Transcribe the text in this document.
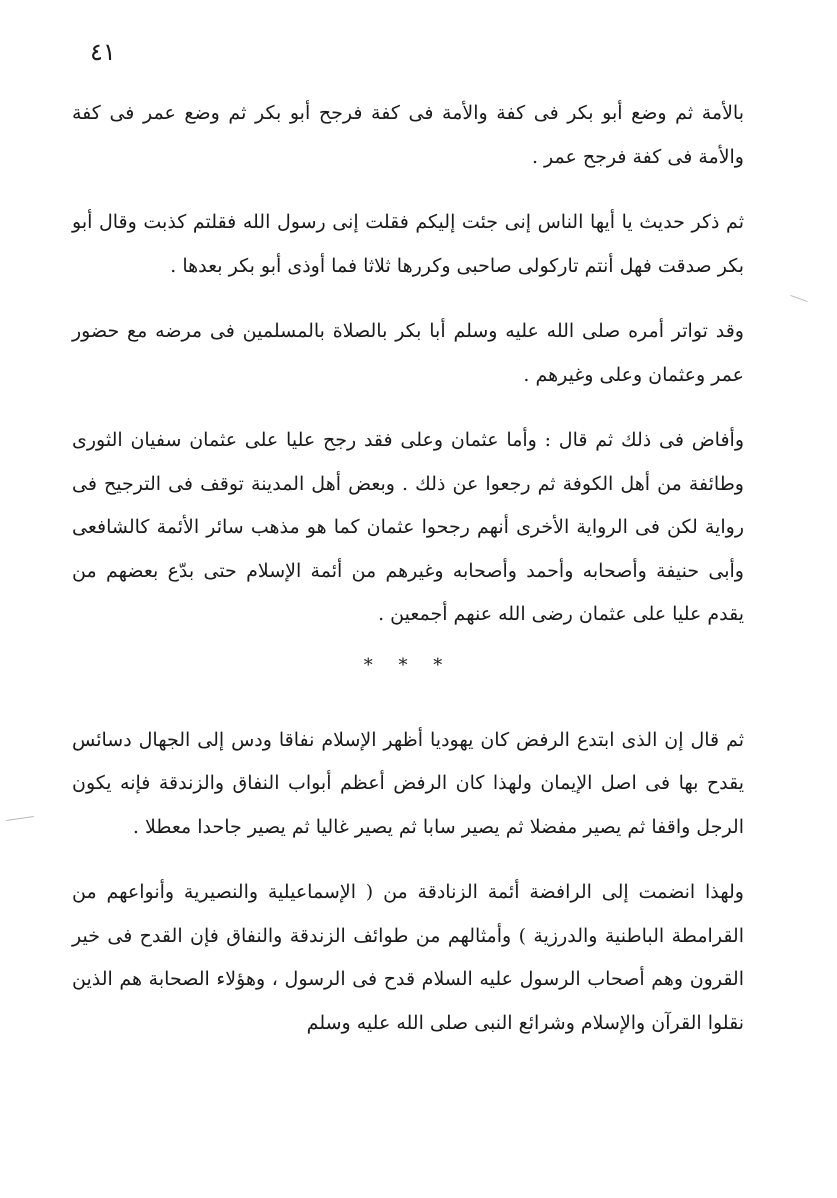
٤١

بالأمة ثم وضع أبو بكر فى كفة والأمة فى كفة فرجح أبو بكر ثم وضع عمر فى كفة والأمة فى كفة فرجح عمر .

ثم ذكر حديث يا أيها الناس إنى جئت إليكم فقلت إنى رسول الله فقلتم كذبت وقال أبو بكر صدقت فهل أنتم تاركولى صاحبى وكررها ثلاثا فما أوذى أبو بكر بعدها .

وقد تواتر أمره صلى الله عليه وسلم أبا بكر بالصلاة بالمسلمين فى مرضه مع حضور عمر وعثمان وعلى وغيرهم .

وأفاض فى ذلك ثم قال : وأما عثمان وعلى فقد رجح عليا على عثمان سفيان الثورى وطائفة من أهل الكوفة ثم رجعوا عن ذلك . وبعض أهل المدينة توقف فى الترجيح فى رواية لكن فى الرواية الأخرى أنهم رجحوا عثمان كما هو مذهب سائر الأئمة كالشافعى وأبى حنيفة وأصحابه وأحمد وأصحابه وغيرهم من أئمة الإسلام حتى بدّع بعضهم من يقدم عليا على عثمان رضى الله عنهم أجمعين .

* * *

ثم قال إن الذى ابتدع الرفض كان يهوديا أظهر الإسلام نفاقا ودس إلى الجهال دسائس يقدح بها فى اصل الإيمان ولهذا كان الرفض أعظم أبواب النفاق والزندقة فإنه يكون الرجل واقفا ثم يصير مفضلا ثم يصير سابا ثم يصير غاليا ثم يصير جاحدا معطلا .

ولهذا انضمت إلى الرافضة أئمة الزنادقة من ( الإسماعيلية والنصيرية وأنواعهم من القرامطة الباطنية والدرزية ) وأمثالهم من طوائف الزندقة والنفاق فإن القدح فى خير القرون وهم أصحاب الرسول عليه السلام قدح فى الرسول ، وهؤلاء الصحابة هم الذين نقلوا القرآن والإسلام وشرائع النبى صلى الله عليه وسلم
